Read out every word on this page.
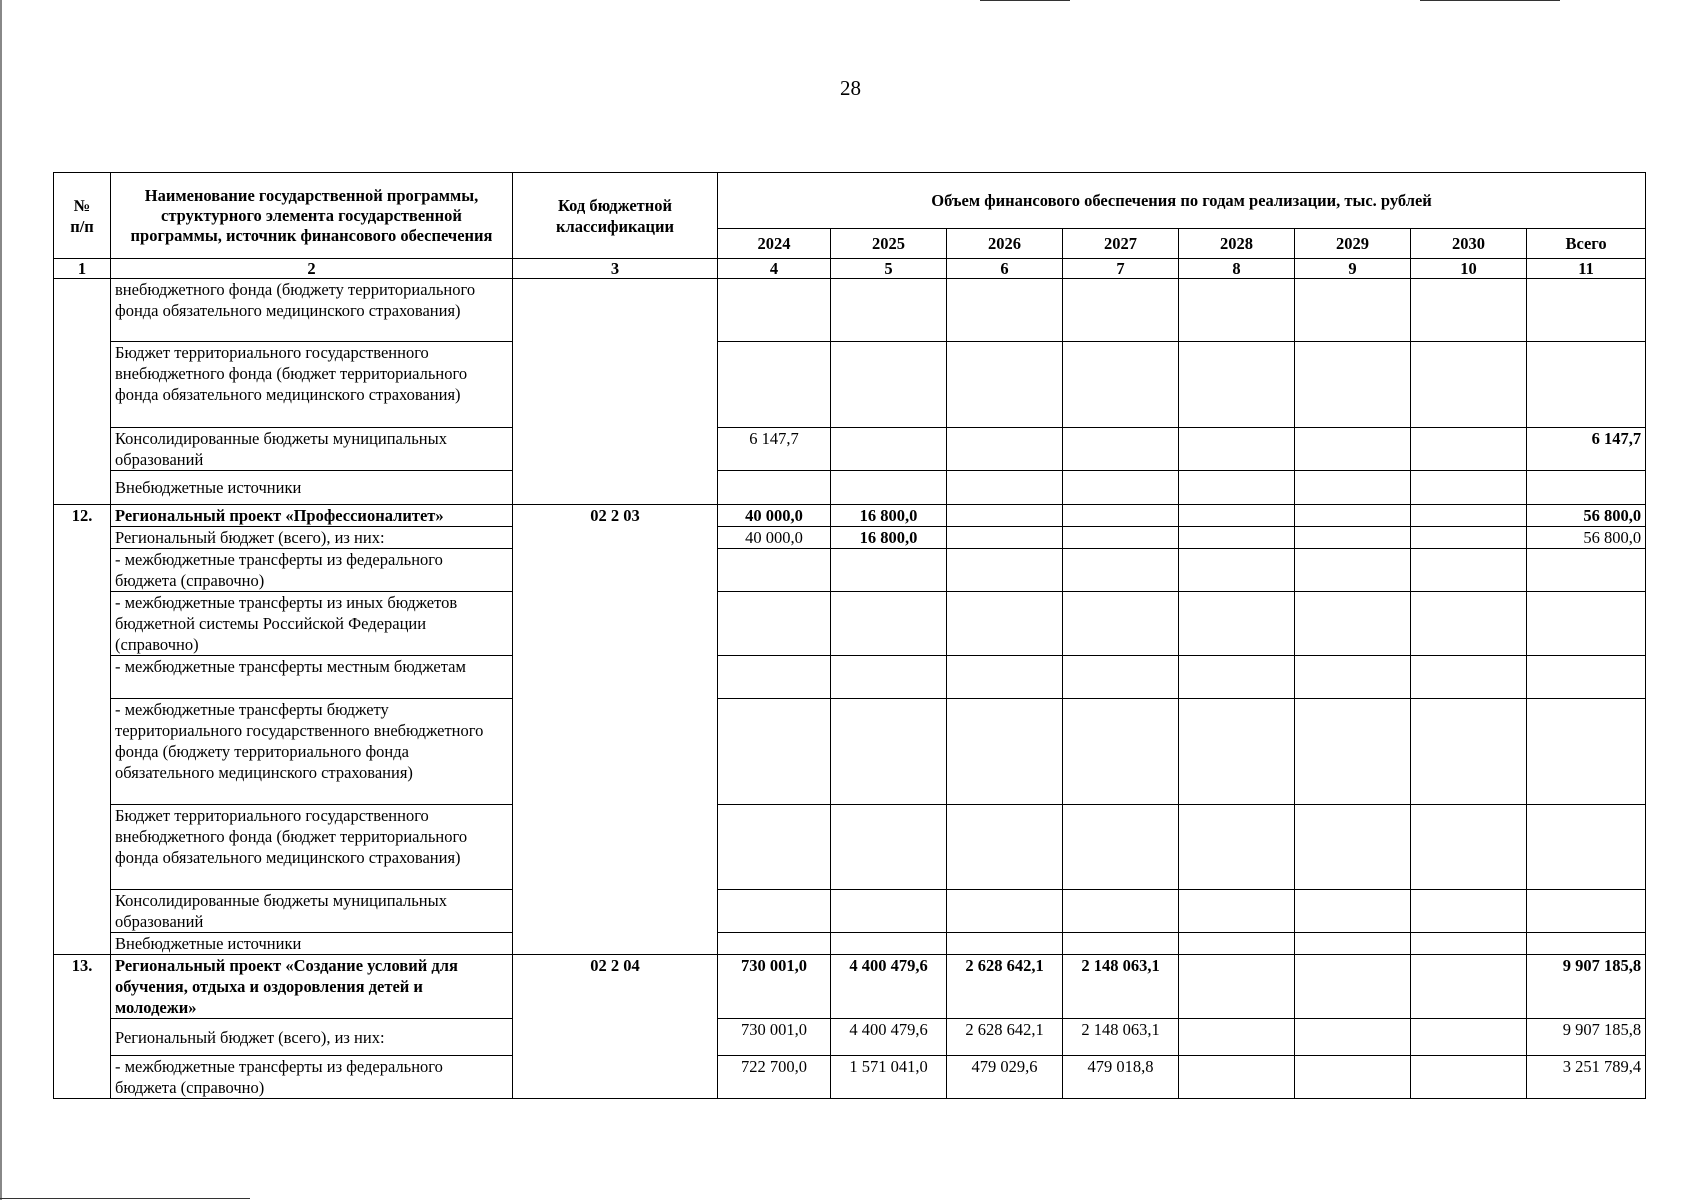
28
№
п/п	Наименование государственной программы, структурного элемента государственной программы, источник финансового обеспечения	Код бюджетной классификации	Объем финансового обеспечения по годам реализации, тыс. рублей							
			2024	2025	2026	2027	2028	2029	2030	Всего
1	2	3	4	5	6	7	8	9	10	11
	внебюджетного фонда (бюджету территориального фонда обязательного медицинского страхования)									
	Бюджет территориального государственного внебюджетного фонда (бюджет территориального фонда обязательного медицинского страхования)									
	Консолидированные бюджеты муниципальных образований		6 147,7							6 147,7
	Внебюджетные источники									
12.	Региональный проект «Профессионалитет»	02 2 03	40 000,0	16 800,0						56 800,0
	Региональный бюджет (всего), из них:		40 000,0	16 800,0						56 800,0
	- межбюджетные трансферты из федерального бюджета (справочно)									
	- межбюджетные трансферты из иных бюджетов бюджетной системы Российской Федерации (справочно)									
	- межбюджетные трансферты местным бюджетам									
	- межбюджетные трансферты бюджету территориального государственного внебюджетного фонда (бюджету территориального фонда обязательного медицинского страхования)									
	Бюджет территориального государственного внебюджетного фонда (бюджет территориального фонда обязательного медицинского страхования)									
	Консолидированные бюджеты муниципальных образований									
	Внебюджетные источники									
13.	Региональный проект «Создание условий для обучения, отдыха и оздоровления детей и молодежи»	02 2 04	730 001,0	4 400 479,6	2 628 642,1	2 148 063,1				9 907 185,8
	Региональный бюджет (всего), из них:		730 001,0	4 400 479,6	2 628 642,1	2 148 063,1				9 907 185,8
	- межбюджетные трансферты из федерального бюджета (справочно)		722 700,0	1 571 041,0	479 029,6	479 018,8				3 251 789,4
